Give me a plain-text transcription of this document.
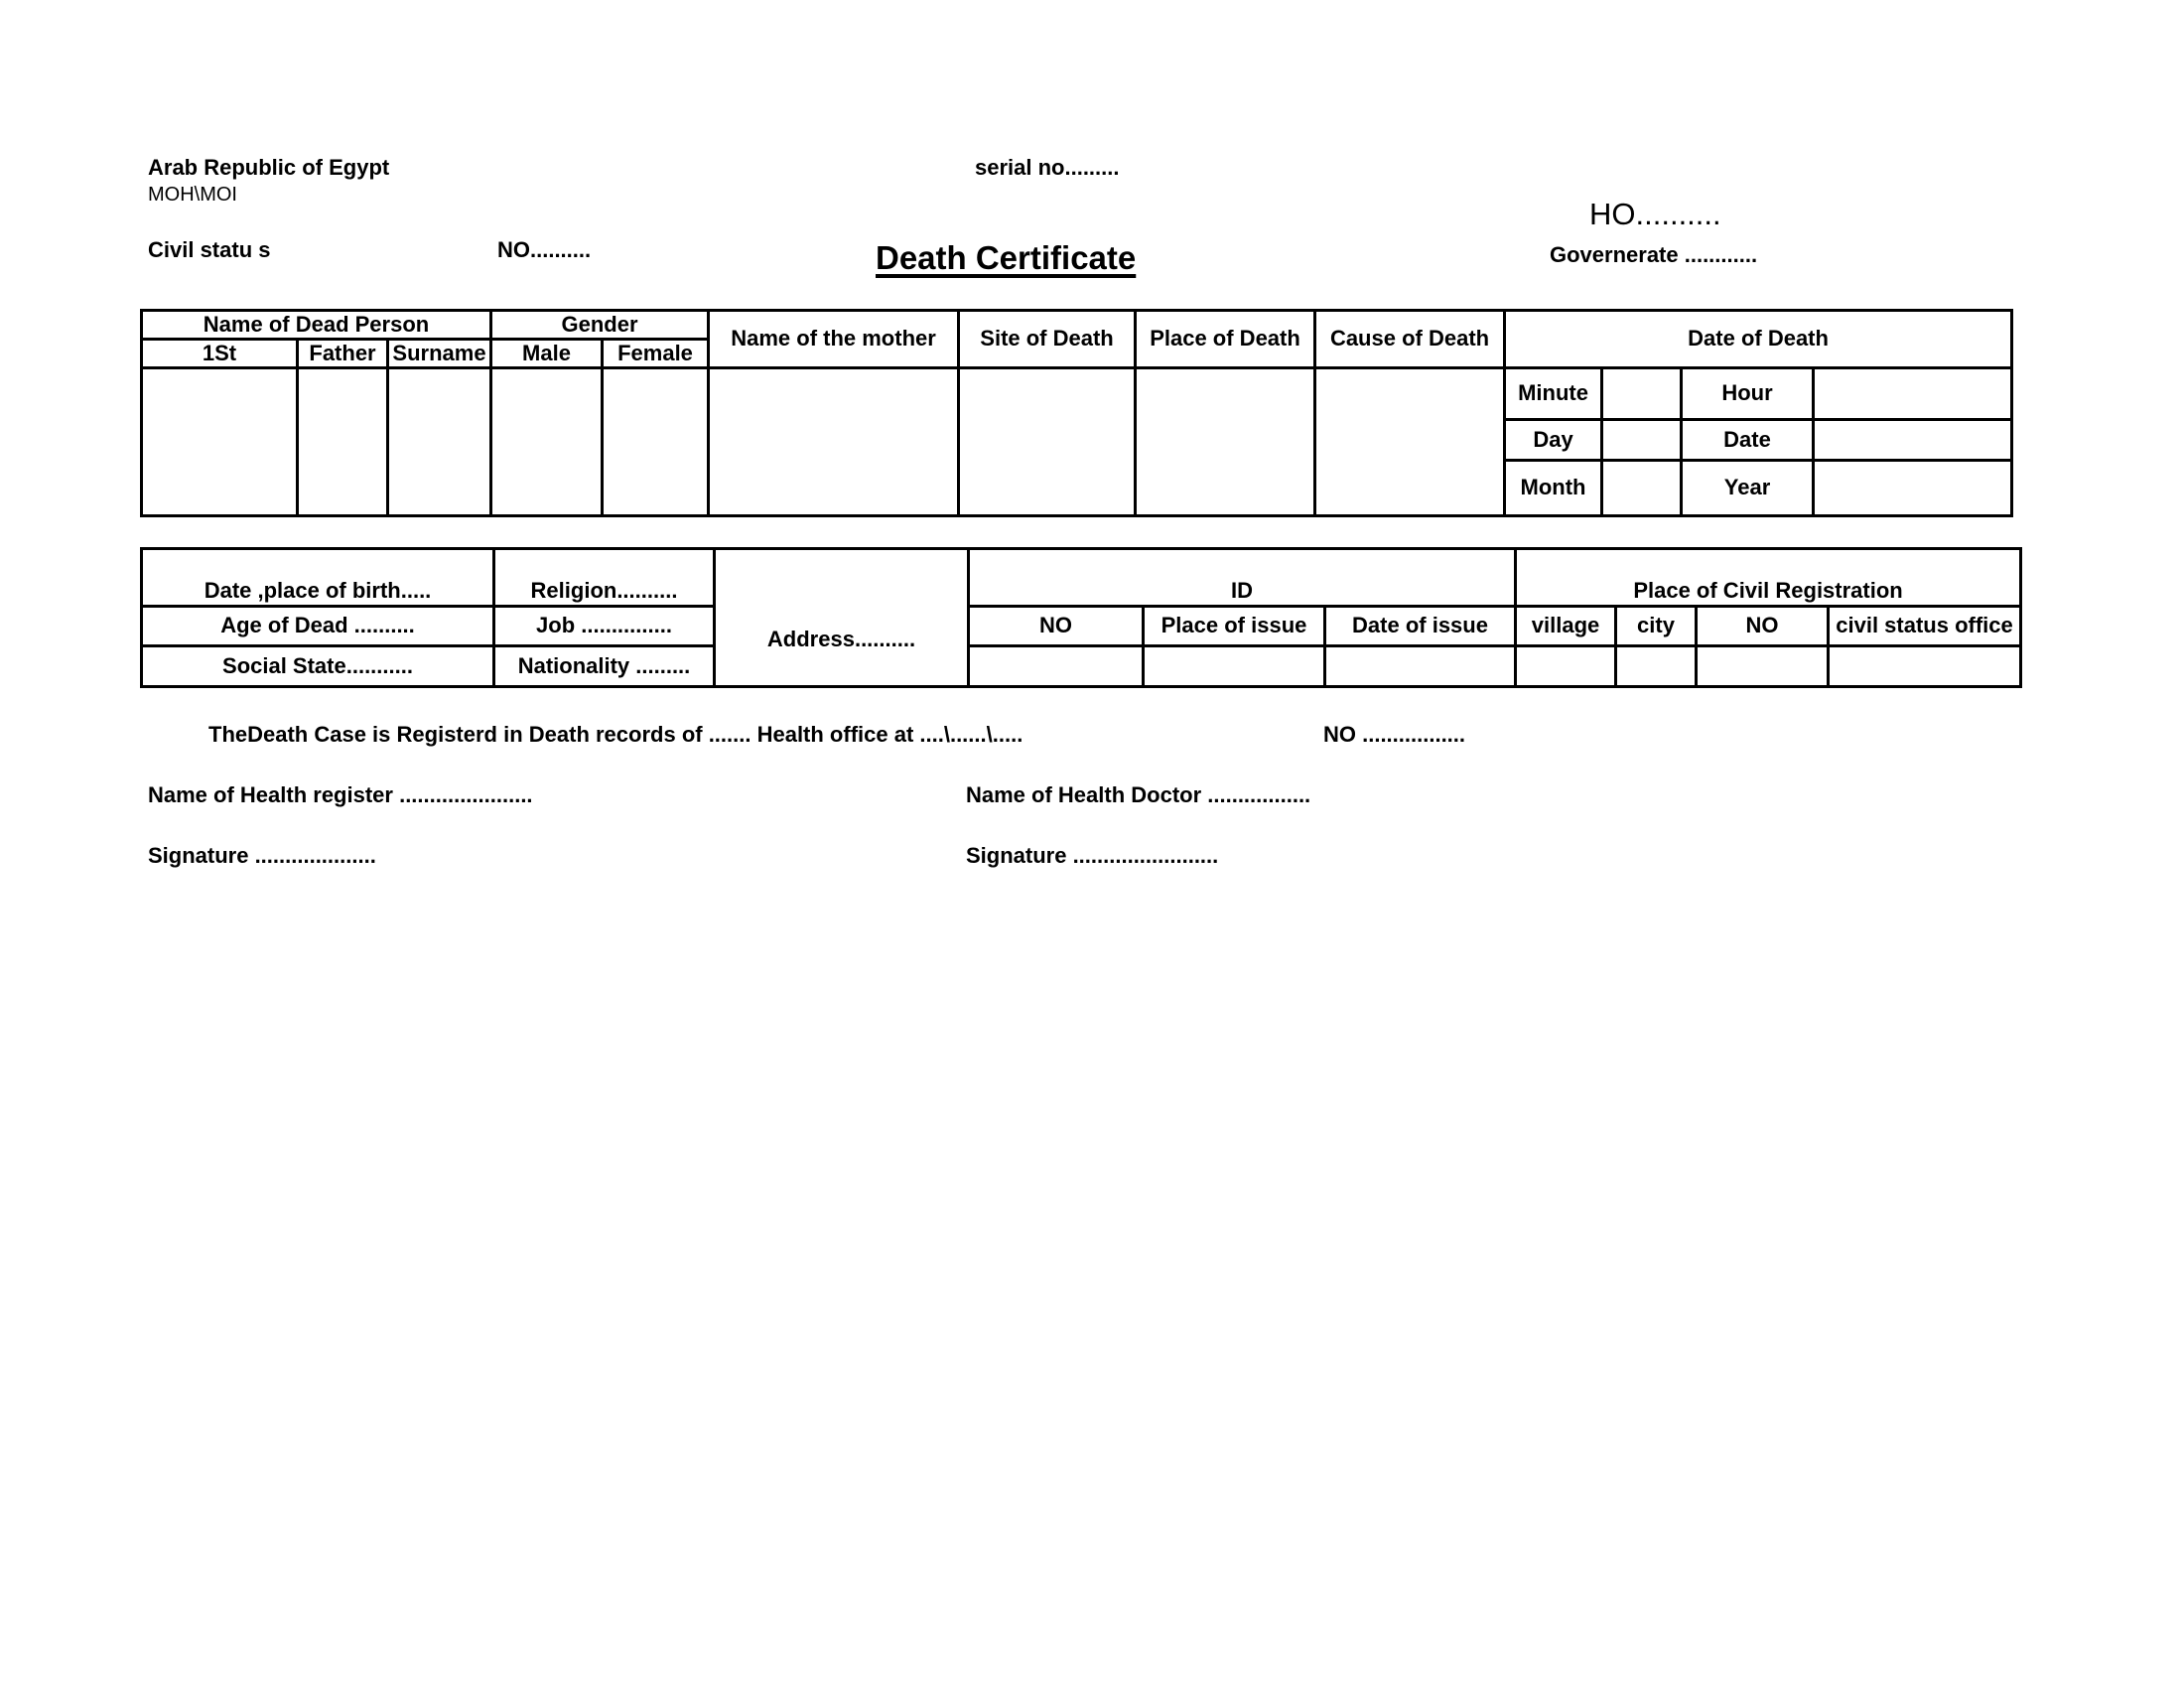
Arab Republic of Egypt
MOH\MOI
serial no.........
HO..........
Civil statu s	NO..........	Death Certificate	Governerate ............
Name of Dead Person			Gender		Name of the mother	Site of Death	Place of Death	Cause of Death	Date of Death			
1St	Father	Surname	Male	Female								
									Minute		Hour	
									Day		Date	
									Month		Year	
Date ,place of birth.....	Religion..........	Address..........	ID			Place of Civil Registration			
Age of Dead ..........	Job ...............		NO	Place of issue	Date of issue	village	city	NO	civil status office
Social State...........	Nationality .........								
TheDeath Case is Registerd in Death records of ....... Health office at ....\......\.....	NO .................
Name of Health register ......................	Name of Health Doctor .................
Signature ....................	Signature ........................
